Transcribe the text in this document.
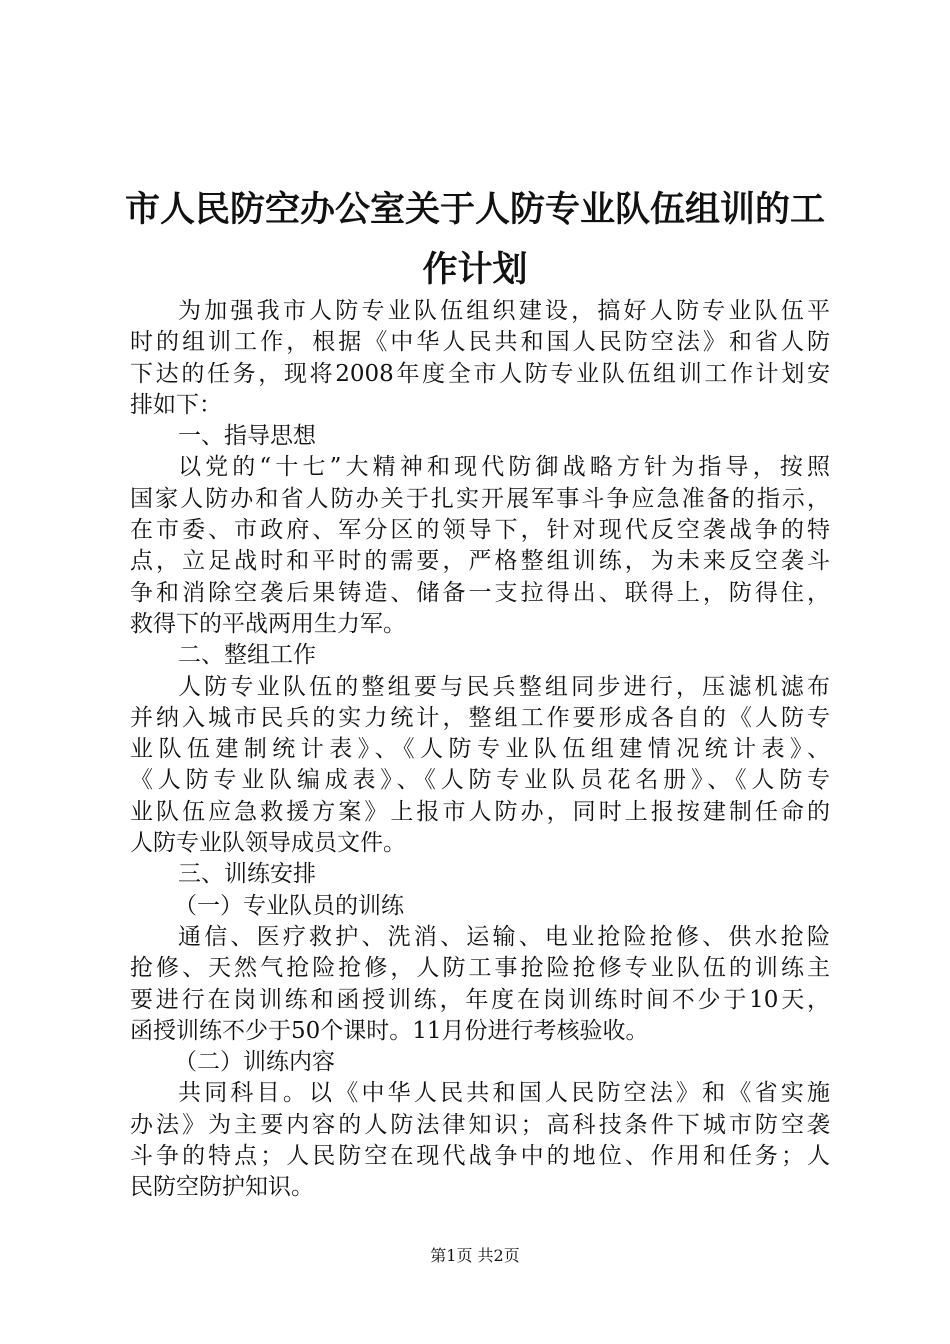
市人民防空办公室关于人防专业队伍组训的工
作计划
为加强我市人防专业队伍组织建设，搞好人防专业队伍平
时的组训工作，根据《中华人民共和国人民防空法》和省人防
下达的任务，现将2008年度全市人防专业队伍组训工作计划安
排如下：
一、指导思想
以党的“十七”大精神和现代防御战略方针为指导，按照
国家人防办和省人防办关于扎实开展军事斗争应急准备的指示，
在市委、市政府、军分区的领导下，针对现代反空袭战争的特
点，立足战时和平时的需要，严格整组训练，为未来反空袭斗
争和消除空袭后果铸造、储备一支拉得出、联得上，防得住，
救得下的平战两用生力军。
二、整组工作
人防专业队伍的整组要与民兵整组同步进行，压滤机滤布
并纳入城市民兵的实力统计，整组工作要形成各自的《人防专
业队伍建制统计表》、《人防专业队伍组建情况统计表》、
《人防专业队编成表》、《人防专业队员花名册》、《人防专
业队伍应急救援方案》上报市人防办，同时上报按建制任命的
人防专业队领导成员文件。
三、训练安排
（一）专业队员的训练
通信、医疗救护、洗消、运输、电业抢险抢修、供水抢险
抢修、天然气抢险抢修，人防工事抢险抢修专业队伍的训练主
要进行在岗训练和函授训练，年度在岗训练时间不少于10天，
函授训练不少于50个课时。11月份进行考核验收。
（二）训练内容
共同科目。以《中华人民共和国人民防空法》和《省实施
办法》为主要内容的人防法律知识；高科技条件下城市防空袭
斗争的特点；人民防空在现代战争中的地位、作用和任务；人
民防空防护知识。
第1页 共2页
